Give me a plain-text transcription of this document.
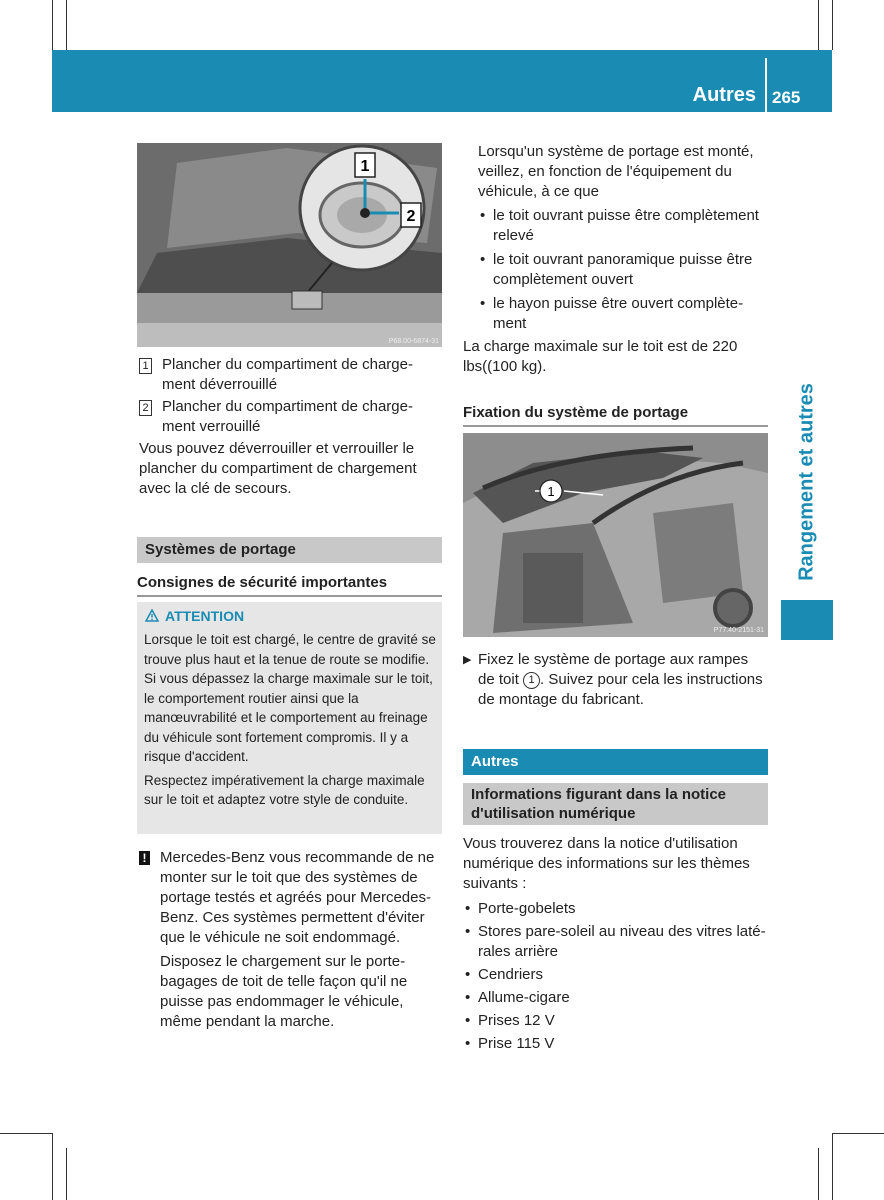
Autres 265
Rangement et autres
1
2
P68.00-6874-31
1 Plancher du compartiment de chargement déverrouillé
2 Plancher du compartiment de chargement verrouillé

Vous pouvez déverrouiller et verrouiller le plancher du compartiment de chargement avec la clé de secours.

Systèmes de portage
Consignes de sécurité importantes
ATTENTION

Lorsque le toit est chargé, le centre de gravité se trouve plus haut et la tenue de route se modifie. Si vous dépassez la charge maximale sur le toit, le comportement routier ainsi que la manœuvrabilité et le comportement au freinage du véhicule sont fortement compromis. Il y a risque d'accident.

Respectez impérativement la charge maximale sur le toit et adaptez votre style de conduite.

! Mercedes-Benz vous recommande de ne monter sur le toit que des systèmes de portage testés et agréés pour Mercedes-Benz. Ces systèmes permettent d'éviter que le véhicule ne soit endommagé.

Disposez le chargement sur le porte-bagages de toit de telle façon qu'il ne puisse pas endommager le véhicule, même pendant la marche.

Lorsqu'un système de portage est monté, veillez, en fonction de l'équipement du véhicule, à ce que

• le toit ouvrant puisse être complètement relevé
• le toit ouvrant panoramique puisse être complètement ouvert
• le hayon puisse être ouvert complètement

La charge maximale sur le toit est de 220 lbs((100 kg).

Fixation du système de portage
1
P77.40-2151-31
▶ Fixez le système de portage aux rampes de toit 1 . Suivez pour cela les instructions de montage du fabricant.

Autres
Informations figurant dans la notice d'utilisation numérique

Vous trouverez dans la notice d'utilisation numérique des informations sur les thèmes suivants :

• Porte-gobelets
• Stores pare-soleil au niveau des vitres latérales arrière
• Cendriers
• Allume-cigare
• Prises 12 V
• Prise 115 V
